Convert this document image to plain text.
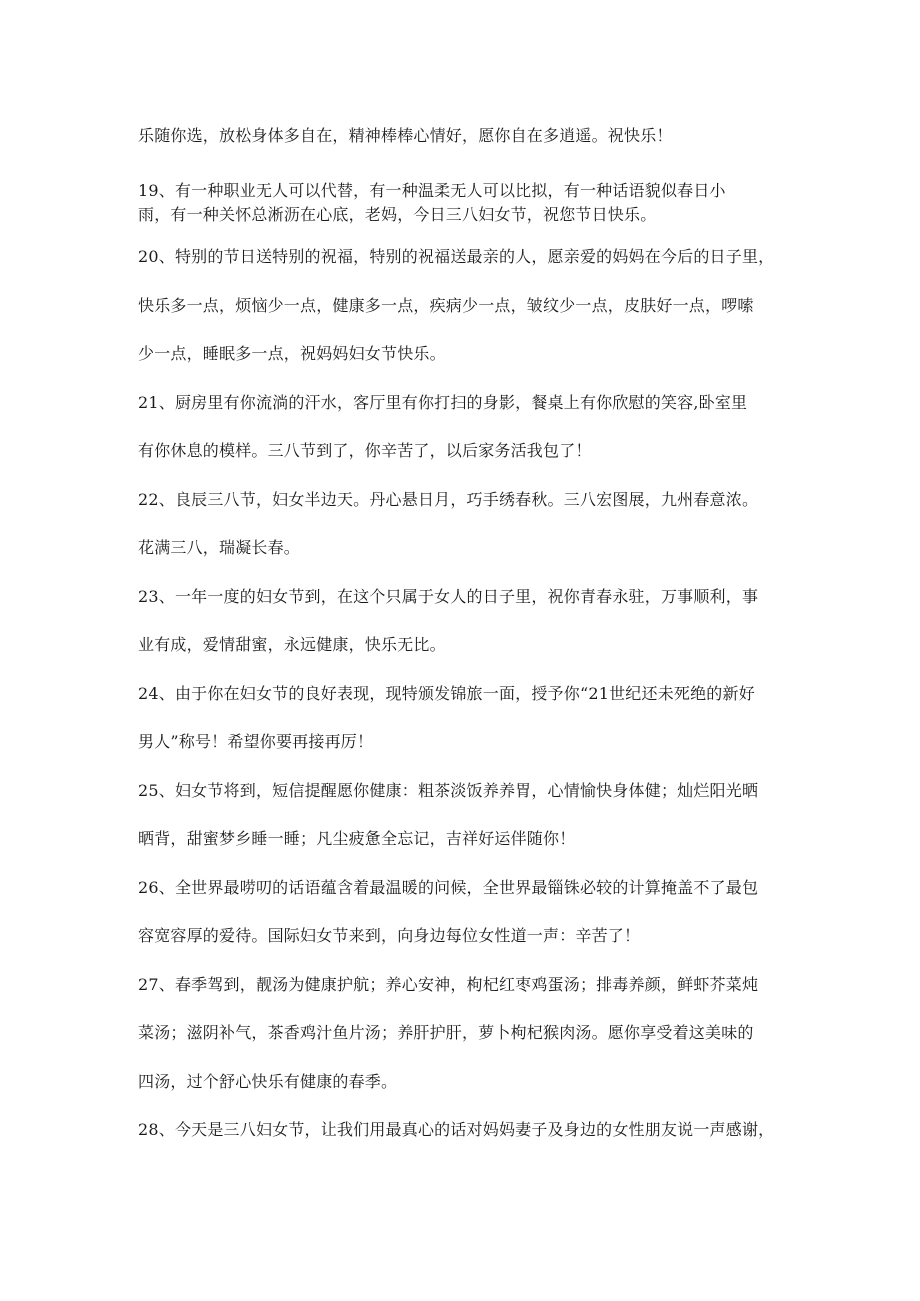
乐随你选，放松身体多自在，精神棒棒心情好，愿你自在多逍遥。祝快乐！
19、有一种职业无人可以代替，有一种温柔无人可以比拟，有一种话语貌似春日小
雨，有一种关怀总淅沥在心底，老妈，今日三八妇女节，祝您节日快乐。
20、特别的节日送特别的祝福，特别的祝福送最亲的人，愿亲爱的妈妈在今后的日子里，
快乐多一点，烦恼少一点，健康多一点，疾病少一点，皱纹少一点，皮肤好一点，啰嗦
少一点，睡眠多一点，祝妈妈妇女节快乐。
21、厨房里有你流淌的汗水，客厅里有你打扫的身影，餐桌上有你欣慰的笑容,卧室里
有你休息的模样。三八节到了，你辛苦了，以后家务活我包了！
22、良辰三八节，妇女半边天。丹心悬日月，巧手绣春秋。三八宏图展，九州春意浓。
花满三八，瑞凝长春。
23、一年一度的妇女节到，在这个只属于女人的日子里，祝你青春永驻，万事顺利，事
业有成，爱情甜蜜，永远健康，快乐无比。
24、由于你在妇女节的良好表现，现特颁发锦旅一面，授予你“21世纪还未死绝的新好
男人”称号！希望你要再接再厉！
25、妇女节将到，短信提醒愿你健康：粗茶淡饭养养胃，心情愉快身体健；灿烂阳光晒
晒背，甜蜜梦乡睡一睡；凡尘疲惫全忘记，吉祥好运伴随你！
26、全世界最唠叨的话语蕴含着最温暖的问候，全世界最锱铢必较的计算掩盖不了最包
容宽容厚的爱待。国际妇女节来到，向身边每位女性道一声：辛苦了！
27、春季驾到，靓汤为健康护航；养心安神，枸杞红枣鸡蛋汤；排毒养颜，鲜虾芥菜炖
菜汤；滋阴补气，茶香鸡汁鱼片汤；养肝护肝，萝卜枸杞猴肉汤。愿你享受着这美味的
四汤，过个舒心快乐有健康的春季。
28、今天是三八妇女节，让我们用最真心的话对妈妈妻子及身边的女性朋友说一声感谢，
